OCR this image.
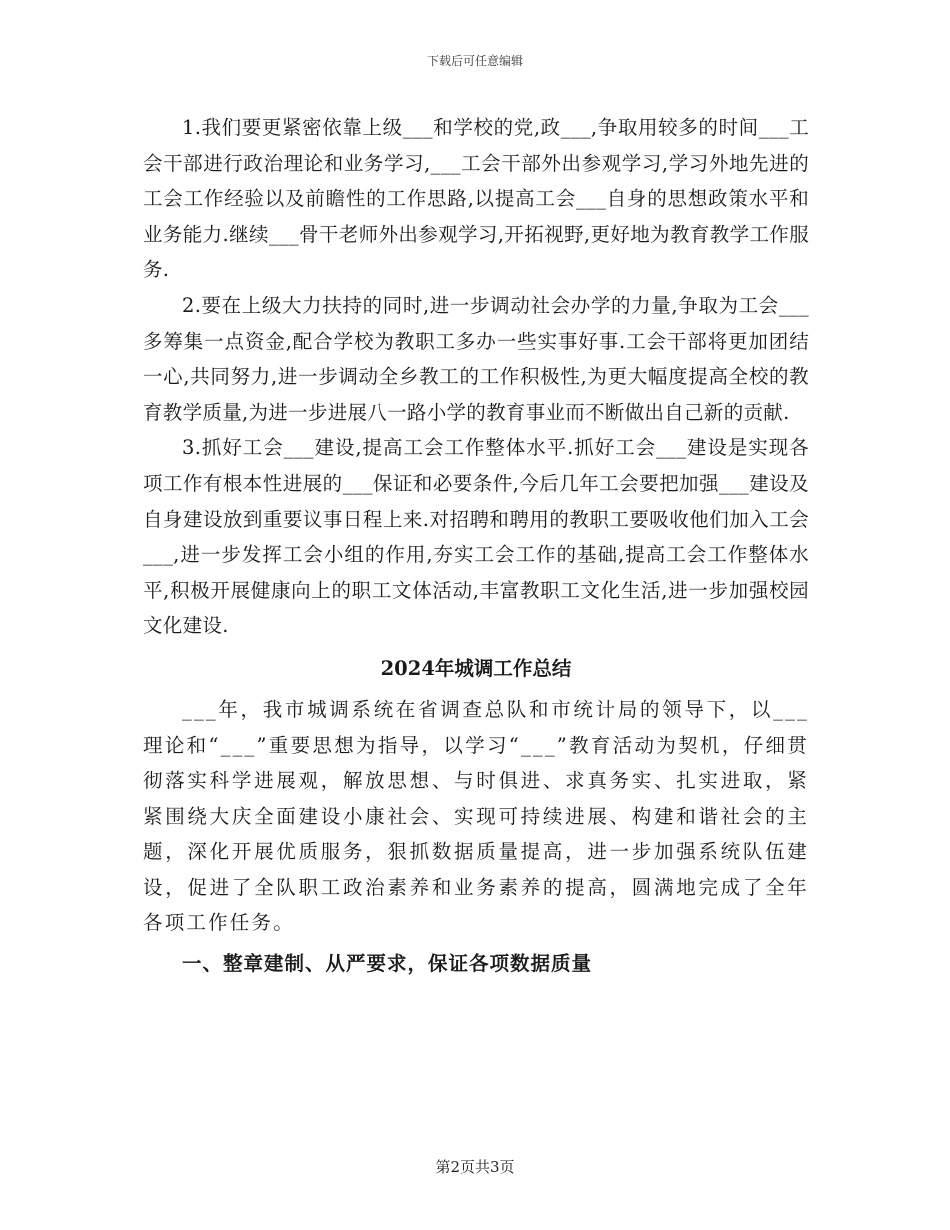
下载后可任意编辑

1.我们要更紧密依靠上级___和学校的党,政___,争取用较多的时间___工会干部进行政治理论和业务学习,___工会干部外出参观学习,学习外地先进的工会工作经验以及前瞻性的工作思路,以提高工会___自身的思想政策水平和业务能力.继续___骨干老师外出参观学习,开拓视野,更好地为教育教学工作服务.

2.要在上级大力扶持的同时,进一步调动社会办学的力量,争取为工会___多筹集一点资金,配合学校为教职工多办一些实事好事.工会干部将更加团结一心,共同努力,进一步调动全乡教工的工作积极性,为更大幅度提高全校的教育教学质量,为进一步进展八一路小学的教育事业而不断做出自己新的贡献.

3.抓好工会___建设,提高工会工作整体水平.抓好工会___建设是实现各项工作有根本性进展的___保证和必要条件,今后几年工会要把加强___建设及自身建设放到重要议事日程上来.对招聘和聘用的教职工要吸收他们加入工会___,进一步发挥工会小组的作用,夯实工会工作的基础,提高工会工作整体水平,积极开展健康向上的职工文体活动,丰富教职工文化生活,进一步加强校园文化建设.

2024年城调工作总结

___年，我市城调系统在省调查总队和市统计局的领导下，以___理论和“___”重要思想为指导，以学习“___”教育活动为契机，仔细贯彻落实科学进展观，解放思想、与时俱进、求真务实、扎实进取，紧紧围绕大庆全面建设小康社会、实现可持续进展、构建和谐社会的主题，深化开展优质服务，狠抓数据质量提高，进一步加强系统队伍建设，促进了全队职工政治素养和业务素养的提高，圆满地完成了全年各项工作任务。

一、整章建制、从严要求，保证各项数据质量
第2页共3页
